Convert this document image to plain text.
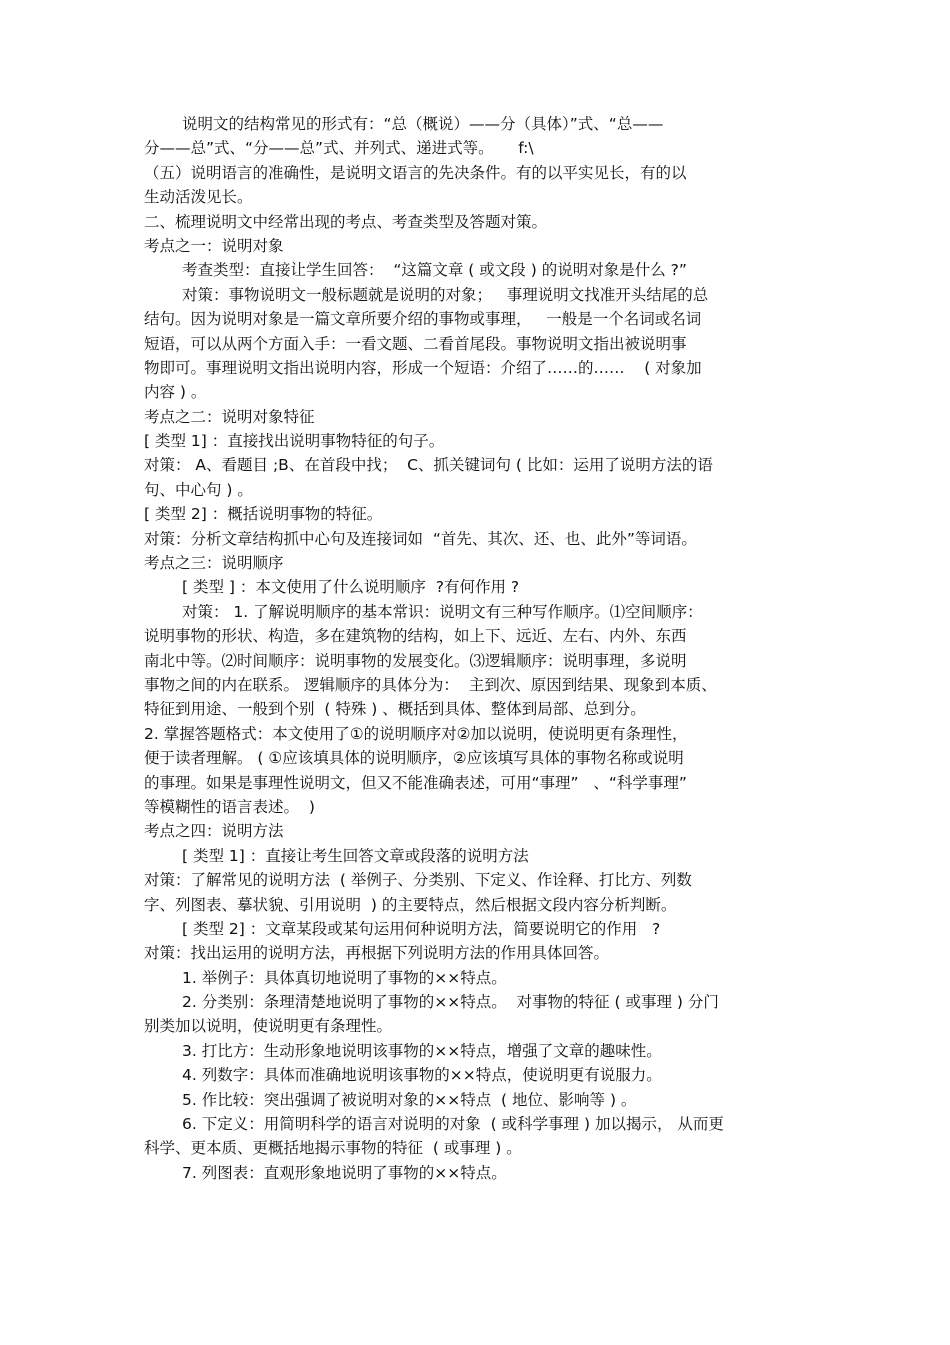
说明文的结构常见的形式有：“总（概说）——分（具体）”式、“总——
分——总”式、“分——总”式、并列式、递进式等。     f:\
（五）说明语言的准确性，是说明文语言的先决条件。有的以平实见长，有的以
生动活泼见长。
二、梳理说明文中经常出现的考点、考查类型及答题对策。
考点之一：说明对象
考查类型：直接让学生回答：  “这篇文章 ( 或文段 ) 的说明对象是什么 ?”
对策：事物说明文一般标题就是说明的对象；   事理说明文找准开头结尾的总
结句。因为说明对象是一篇文章所要介绍的事物或事理，   一般是一个名词或名词
短语，可以从两个方面入手：一看文题、二看首尾段。事物说明文指出被说明事
物即可。事理说明文指出说明内容，形成一个短语：介绍了……的……    ( 对象加
内容 ) 。
考点之二：说明对象特征
[ 类型 1] ：直接找出说明事物特征的句子。
对策： A、看题目 ;B、在首段中找；  C、抓关键词句 ( 比如：运用了说明方法的语
句、中心句 ) 。
[ 类型 2] ：概括说明事物的特征。
对策：分析文章结构抓中心句及连接词如  “首先、其次、还、也、此外”等词语。
考点之三：说明顺序
[ 类型 ] ：本文使用了什么说明顺序  ?有何作用 ?
对策： 1. 了解说明顺序的基本常识：说明文有三种写作顺序。⑴空间顺序：
说明事物的形状、构造，多在建筑物的结构，如上下、远近、左右、内外、东西
南北中等。⑵时间顺序：说明事物的发展变化。⑶逻辑顺序：说明事理，多说明
事物之间的内在联系。 逻辑顺序的具体分为：  主到次、原因到结果、现象到本质、
特征到用途、一般到个别  ( 特殊 ) 、概括到具体、整体到局部、总到分。
2. 掌握答题格式：本文使用了①的说明顺序对②加以说明，使说明更有条理性，
便于读者理解。 ( ①应该填具体的说明顺序，②应该填写具体的事物名称或说明
的事理。如果是事理性说明文，但又不能准确表述，可用“事理”   、“科学事理”
等模糊性的语言表述。  )
考点之四：说明方法
[ 类型 1] ：直接让考生回答文章或段落的说明方法
对策：了解常见的说明方法  ( 举例子、分类别、下定义、作诠释、打比方、列数
字、列图表、摹状貌、引用说明  ) 的主要特点，然后根据文段内容分析判断。
[ 类型 2] ：文章某段或某句运用何种说明方法，简要说明它的作用   ?
对策：找出运用的说明方法，再根据下列说明方法的作用具体回答。
1. 举例子：具体真切地说明了事物的××特点。
2. 分类别：条理清楚地说明了事物的××特点。  对事物的特征 ( 或事理 ) 分门
别类加以说明，使说明更有条理性。
3. 打比方：生动形象地说明该事物的××特点，增强了文章的趣味性。
4. 列数字：具体而准确地说明该事物的××特点，使说明更有说服力。
5. 作比较：突出强调了被说明对象的××特点  ( 地位、影响等 ) 。
6. 下定义：用简明科学的语言对说明的对象  ( 或科学事理 ) 加以揭示， 从而更
科学、更本质、更概括地揭示事物的特征  ( 或事理 ) 。
7. 列图表：直观形象地说明了事物的××特点。
